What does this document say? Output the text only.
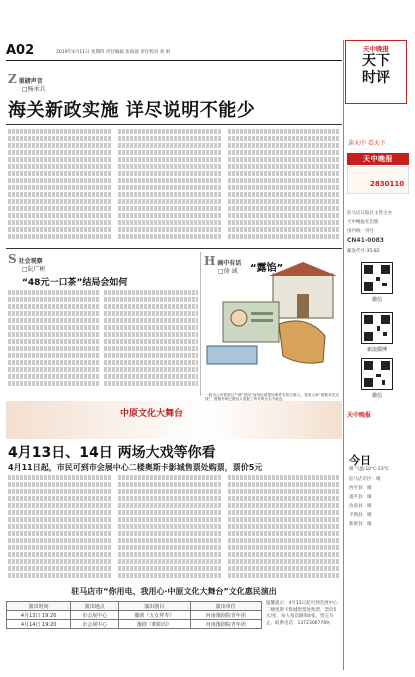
A02	2019年4月11日 星期四 责任编辑 张海波 责任校对 刘 娟	天中晚报
天下
时评
Z 重磅声音
□杨承兵
海关新政实施 详尽说明不能少
S 社会观察
□阮广彬
“48元一口茶”结局会如何
H 画中有话
□徐 诚 “露馅”
一段为公司冒诺过户被“冒用”身份证被冒用事件告知当事人，冒用人称“被要求先还钱”，报错号码已被找人电报了的号码全名不能也。
读天中 看天下
天中晚报
2830110
驻马店日报社主管主办
天中晚报社出版
国内统一刊号
CN41-0083
邮发代号:35-82
微信
新浪微博
微信
天中晚报
今日
晴 气温:10℃-23℃
驻马店市区：晴
西平县：晴
遂平县：晴
汝南县：晴
平舆县：晴
新蔡县：晴
中原文化大舞台
4月13日、14日 两场大戏等你看
4月11日起，市民可到市会展中心二楼奥斯卡影城售票处购票，票价5元
驻马店市“你用电、我用心·中原文化大舞台”文化惠民演出
演出时间	演出地点	演出剧目	演出单位
4月13日 19:20	市会展中心	豫剧《五女拜寿》	河南豫剧院青年团
4月14日 19:20	市会展中心	豫剧《朝阳沟》	河南豫剧院青年团
温馨提示：4月11日起可到会展中心二楼奥斯卡影城售票处购票，票价5元/张，每人每次限购4张，售完为止。联系电话：13723067789。
